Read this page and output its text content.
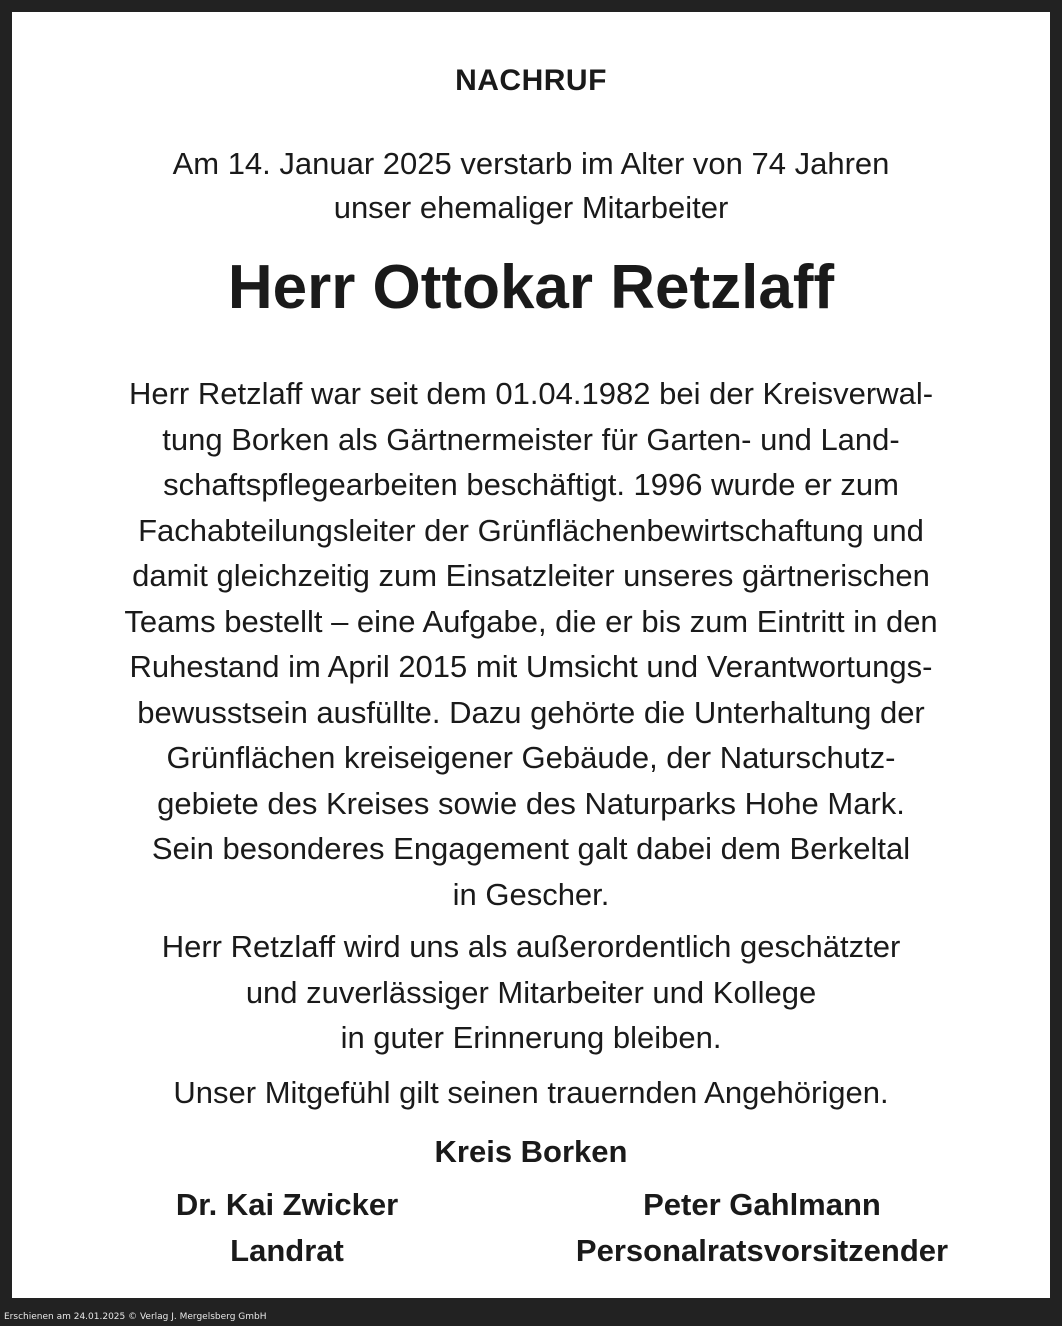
NACHRUF
Am 14. Januar 2025 verstarb im Alter von 74 Jahren
unser ehemaliger Mitarbeiter
Herr Ottokar Retzlaff
Herr Retzlaff war seit dem 01.04.1982 bei der Kreisverwal-
tung Borken als Gärtnermeister für Garten- und Land-
schaftspflegearbeiten beschäftigt. 1996 wurde er zum
Fachabteilungsleiter der Grünflächenbewirtschaftung und
damit gleichzeitig zum Einsatzleiter unseres gärtnerischen
Teams bestellt – eine Aufgabe, die er bis zum Eintritt in den
Ruhestand im April 2015 mit Umsicht und Verantwortungs-
bewusstsein ausfüllte. Dazu gehörte die Unterhaltung der
Grünflächen kreiseigener Gebäude, der Naturschutz-
gebiete des Kreises sowie des Naturparks Hohe Mark.
Sein besonderes Engagement galt dabei dem Berkeltal
in Gescher.
Herr Retzlaff wird uns als außerordentlich geschätzter
und zuverlässiger Mitarbeiter und Kollege
in guter Erinnerung bleiben.
Unser Mitgefühl gilt seinen trauernden Angehörigen.
Kreis Borken
Dr. Kai Zwicker
Landrat
Peter Gahlmann
Personalratsvorsitzender
Erschienen am 24.01.2025 © Verlag J. Mergelsberg GmbH
